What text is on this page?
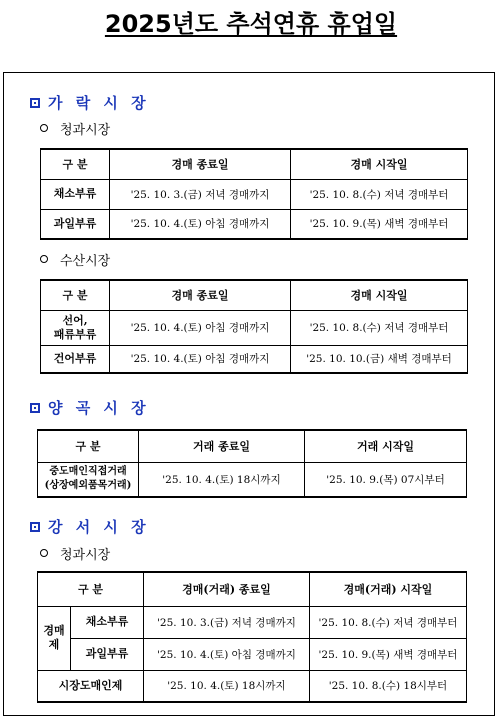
2025년도 추석연휴 휴업일
가 락 시 장
청과시장
구 분	경매 종료일	경매 시작일
채소부류	'25. 10. 3.(금) 저녁 경매까지	'25. 10. 8.(수) 저녁 경매부터
과일부류	'25. 10. 4.(토) 아침 경매까지	'25. 10. 9.(목) 새벽 경매부터
수산시장
구 분	경매 종료일	경매 시작일
선어,
패류부류	'25. 10. 4.(토) 아침 경매까지	'25. 10. 8.(수) 저녁 경매부터
건어부류	'25. 10. 4.(토) 아침 경매까지	'25. 10. 10.(금) 새벽 경매부터
양 곡 시 장
구 분	거래 종료일	거래 시작일
중도매인직접거래
(상장예외품목거래)	'25. 10. 4.(토) 18시까지	'25. 10. 9.(목) 07시부터
강 서 시 장
청과시장
구 분		경매(거래) 종료일	경매(거래) 시작일
경매
제	채소부류	'25. 10. 3.(금) 저녁 경매까지	'25. 10. 8.(수) 저녁 경매부터
	과일부류	'25. 10. 4.(토) 아침 경매까지	'25. 10. 9.(목) 새벽 경매부터
시장도매인제		'25. 10. 4.(토) 18시까지	'25. 10. 8.(수) 18시부터
